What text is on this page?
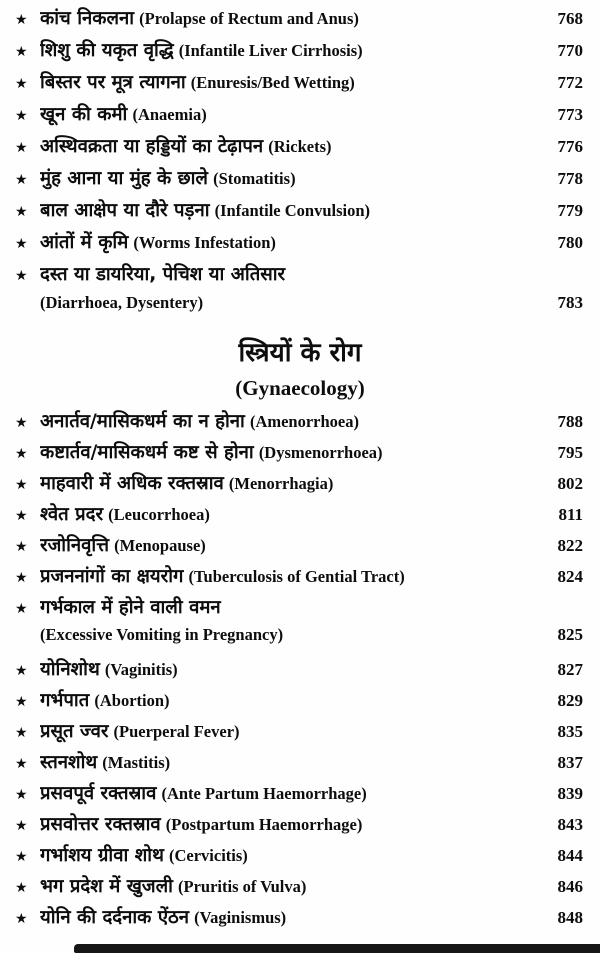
★ कांच निकलना (Prolapse of Rectum and Anus)	768
★ शिशु की यकृत वृद्धि (Infantile Liver Cirrhosis)	770
★ बिस्तर पर मूत्र त्यागना (Enuresis/Bed Wetting)	772
★ खून की कमी (Anaemia)	773
★ अस्थिवक्रता या हड्डियों का टेढ़ापन (Rickets)	776
★ मुंह आना या मुंह के छाले (Stomatitis)	778
★ बाल आक्षेप या दौरे पड़ना (Infantile Convulsion)	779
★ आंतों में कृमि (Worms Infestation)	780
★ दस्त या डायरिया, पेचिश या अतिसार
(Diarrhoea, Dysentery)	783
स्त्रियों के रोग
(Gynaecology)
★ अनार्तव/मासिकधर्म का न होना (Amenorrhoea)	788
★ कष्टार्तव/मासिकधर्म कष्ट से होना (Dysmenorrhoea)	795
★ माहवारी में अधिक रक्तस्राव (Menorrhagia)	802
★ श्वेत प्रदर (Leucorrhoea)	811
★ रजोनिवृत्ति (Menopause)	822
★ प्रजननांगों का क्षयरोग (Tuberculosis of Gential Tract)	824
★ गर्भकाल में होने वाली वमन
(Excessive Vomiting in Pregnancy)	825
★ योनिशोथ (Vaginitis)	827
★ गर्भपात (Abortion)	829
★ प्रसूत ज्वर (Puerperal Fever)	835
★ स्तनशोथ (Mastitis)	837
★ प्रसवपूर्व रक्तस्राव (Ante Partum Haemorrhage)	839
★ प्रसवोत्तर रक्तस्राव (Postpartum Haemorrhage)	843
★ गर्भाशय ग्रीवा शोथ (Cervicitis)	844
★ भग प्रदेश में खुजली (Pruritis of Vulva)	846
★ योनि की दर्दनाक ऐंठन (Vaginismus)	848
